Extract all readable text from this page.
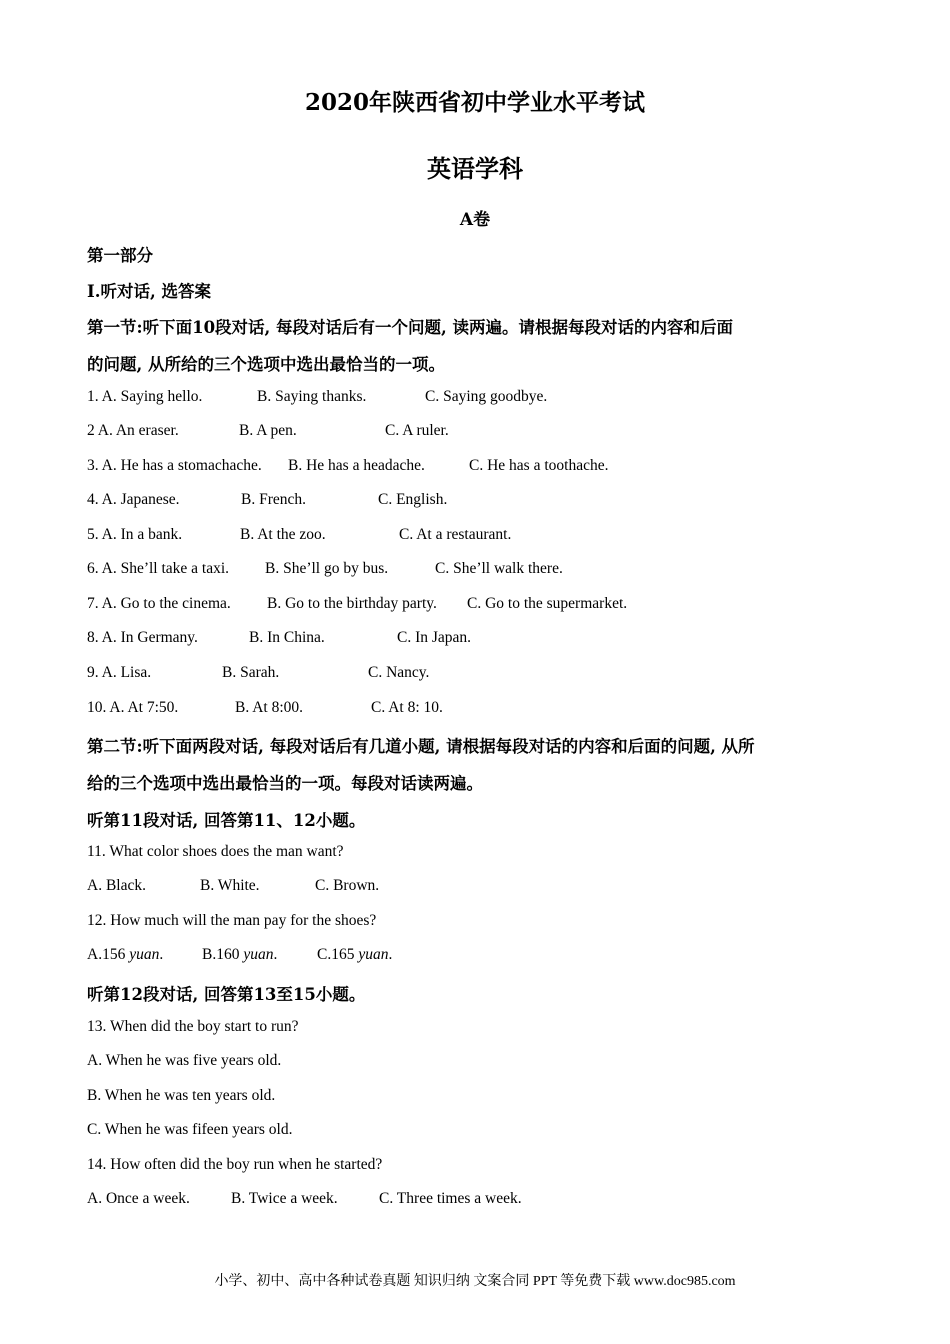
2020年陕西省初中学业水平考试
英语学科
A卷
第一部分
I.听对话, 选答案
第一节:听下面10段对话, 每段对话后有一个问题, 读两遍。请根据每段对话的内容和后面
的问题, 从所给的三个选项中选出最恰当的一项。
1. A. Saying hello.	B. Saying thanks.	C. Saying goodbye.
2 A. An eraser.	B. A pen.	C. A ruler.
3. A. He has a stomachache. B. He has a headache.	C. He has a toothache.
4. A. Japanese.	B. French.	C. English.
5. A. In a bank.	B. At the zoo.	C. At a restaurant.
6. A. She’ll take a taxi. B. She’ll go by bus.	C. She’ll walk there.
7. A. Go to the cinema. B. Go to the birthday party. C. Go to the supermarket.
8. A. In Germany.	B. In China.	C. In Japan.
9. A. Lisa.	B. Sarah.	C. Nancy.
10. A. At 7:50.	B. At 8:00.	C. At 8: 10.
第二节:听下面两段对话, 每段对话后有几道小题, 请根据每段对话的内容和后面的问题, 从所
给的三个选项中选出最恰当的一项。每段对话读两遍。
听第11段对话, 回答第11、12小题。
11. What color shoes does the man want?
A. Black.	B. White.	C. Brown.
12. How much will the man pay for the shoes?
A.156 yuan.	B.160 yuan.	C.165 yuan.
听第12段对话, 回答第13至15小题。
13. When did the boy start to run?
A. When he was five years old.
B. When he was ten years old.
C. When he was fifeen years old.
14. How often did the boy run when he started?
A. Once a week.	B. Twice a week.	C. Three times a week.
小学、初中、高中各种试卷真题 知识归纳 文案合同 PPT 等免费下载 www.doc985.com
